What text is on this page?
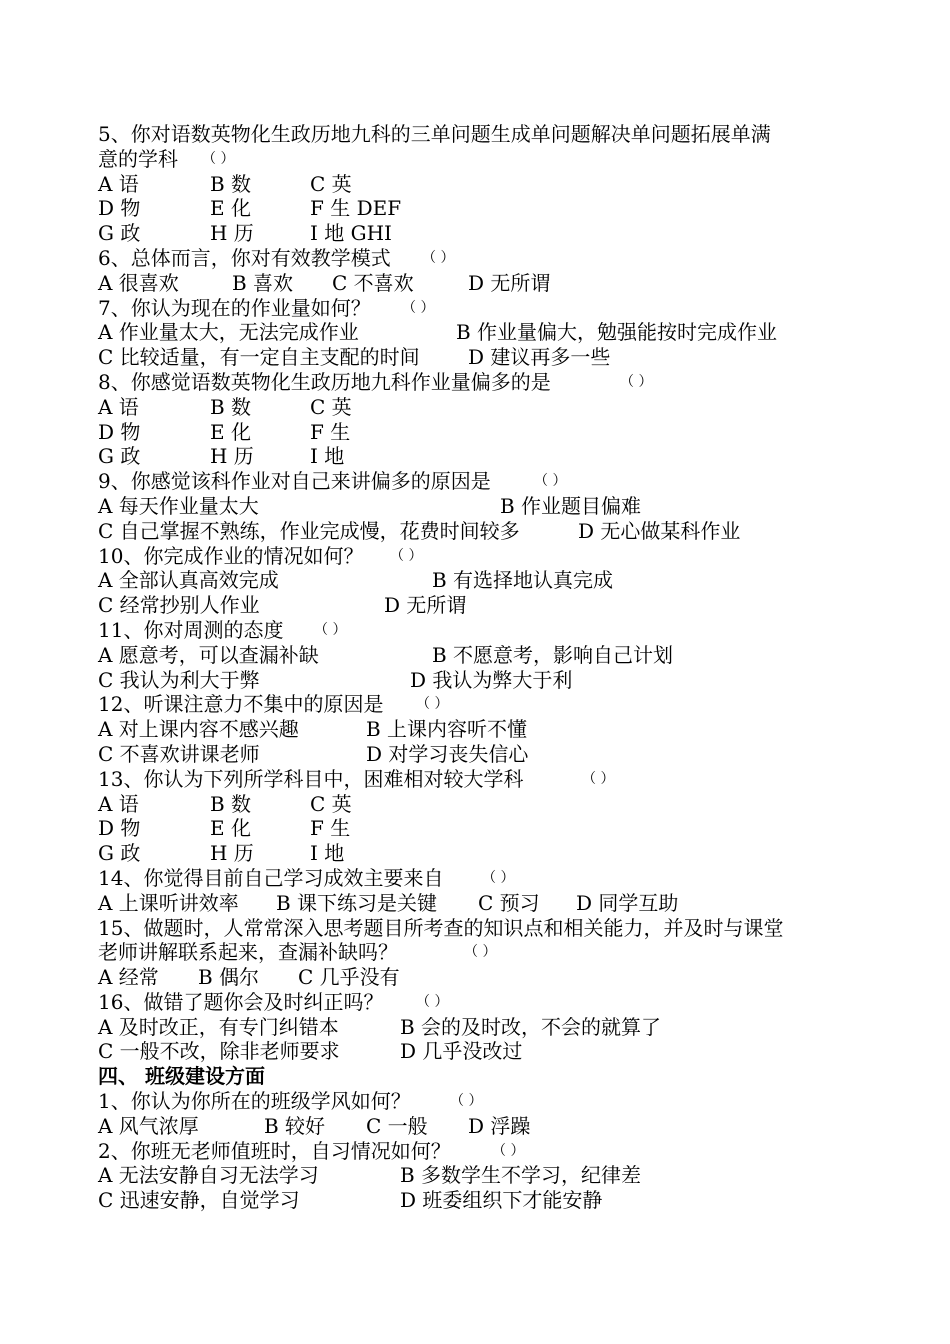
5、你对语数英物化生政历地九科的三单问题生成单问题解决单问题拓展单满
意的学科 （ ）
A 语	B 数	C 英
D 物	E 化	F 生 DEF
G 政	H 历	I 地 GHI
6、总体而言，你对有效教学模式 （ ）
A 很喜欢	B 喜欢 C 不喜欢	D 无所谓
7、你认为现在的作业量如何？ （ ）
A 作业量太大，无法完成作业	B 作业量偏大，勉强能按时完成作业
C 比较适量，有一定自主支配的时间 D 建议再多一些
8、你感觉语数英物化生政历地九科作业量偏多的是	（ ）
A 语	B 数	C 英
D 物	E 化	F 生
G 政	H 历	I 地
9、你感觉该科作业对自己来讲偏多的原因是	（ ）
A 每天作业量太大	B 作业题目偏难
C 自己掌握不熟练，作业完成慢，花费时间较多	D 无心做某科作业
10、你完成作业的情况如何？ （ ）
A 全部认真高效完成	B 有选择地认真完成
C 经常抄别人作业	D 无所谓
11、你对周测的态度 （ ）
A 愿意考，可以查漏补缺	B 不愿意考，影响自己计划
C 我认为利大于弊	D 我认为弊大于利
12、听课注意力不集中的原因是 （ ）
A 对上课内容不感兴趣	B 上课内容听不懂
C 不喜欢讲课老师	D 对学习丧失信心
13、你认为下列所学科目中，困难相对较大学科	（ ）
A 语	B 数	C 英
D 物	E 化	F 生
G 政	H 历	I 地
14、你觉得目前自己学习成效主要来自	（ ）
A 上课听讲效率 B 课下练习是关键 C 预习 D 同学互助
15、做题时，人常常深入思考题目所考查的知识点和相关能力，并及时与课堂
老师讲解联系起来，查漏补缺吗？	（ ）
A 经常 B 偶尔 C 几乎没有
16、做错了题你会及时纠正吗？ （ ）
A 及时改正，有专门纠错本	B 会的及时改，不会的就算了
C 一般不改，除非老师要求	D 几乎没改过
四、 班级建设方面
1、你认为你所在的班级学风如何？	（ ）
A 风气浓厚	B 较好 C 一般 D 浮躁
2、你班无老师值班时，自习情况如何？	（ ）
A 无法安静自习无法学习	B 多数学生不学习，纪律差
C 迅速安静，自觉学习	D 班委组织下才能安静
